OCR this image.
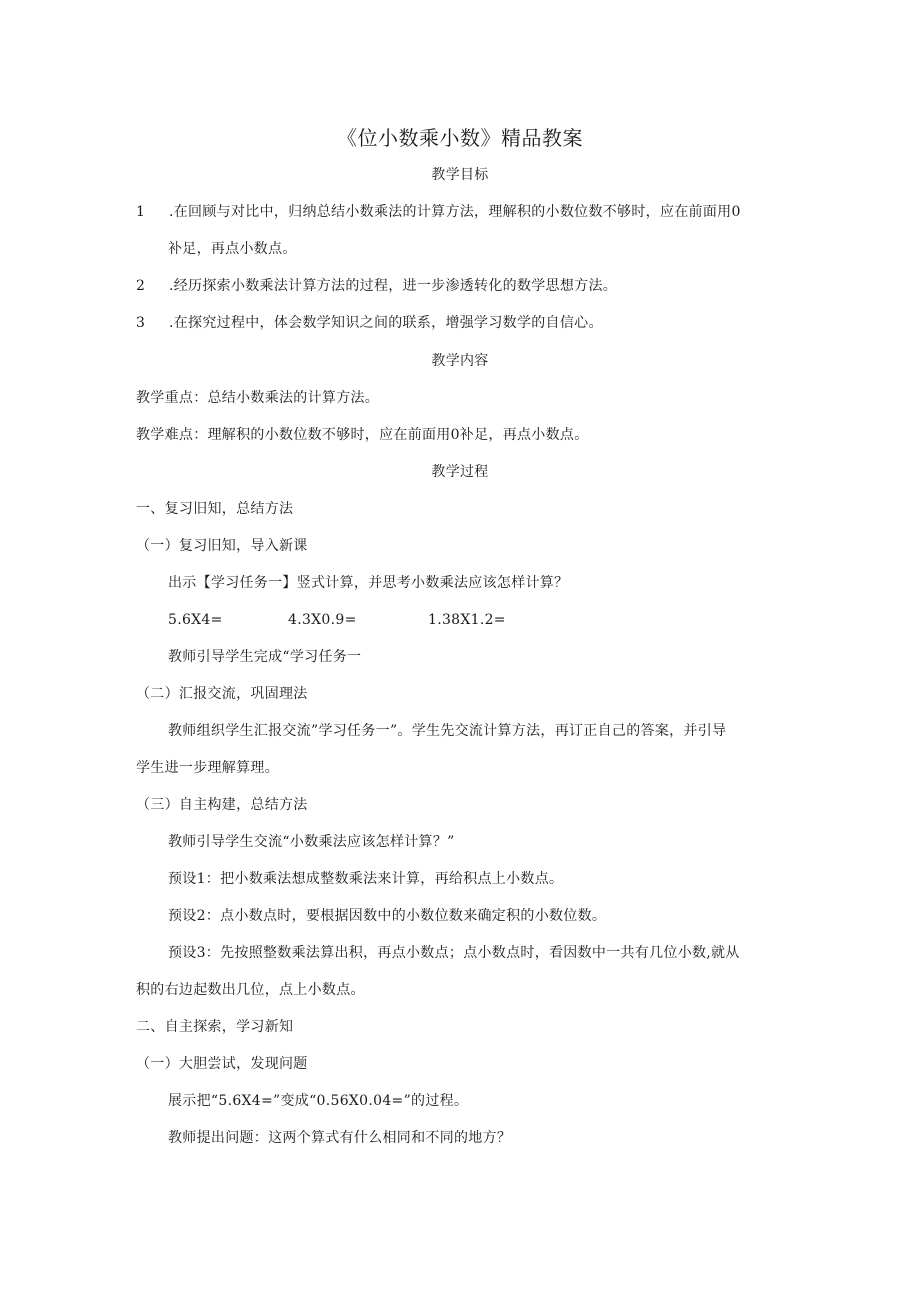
《位小数乘小数》精品教案
教学目标
1 .在回顾与对比中，归纳总结小数乘法的计算方法，理解积的小数位数不够时，应在前面用0
补足，再点小数点。
2 .经历探索小数乘法计算方法的过程，进一步渗透转化的数学思想方法。
3 .在探究过程中，体会数学知识之间的联系，增强学习数学的自信心。
教学内容
教学重点：总结小数乘法的计算方法。
教学难点：理解积的小数位数不够时，应在前面用0补足，再点小数点。
教学过程
一、复习旧知，总结方法
（一）复习旧知，导入新课
出示【学习任务一】竖式计算，并思考小数乘法应该怎样计算？
5.6X4=	4.3X0.9=	1.38X1.2=
教师引导学生完成“学习任务一
（二）汇报交流，巩固理法
教师组织学生汇报交流”学习任务一”。学生先交流计算方法，再订正自己的答案，并引导
学生进一步理解算理。
（三）自主构建，总结方法
教师引导学生交流“小数乘法应该怎样计算？”
预设1：把小数乘法想成整数乘法来计算，再给积点上小数点。
预设2：点小数点时，要根据因数中的小数位数来确定积的小数位数。
预设3：先按照整数乘法算出积，再点小数点；点小数点时，看因数中一共有几位小数,就从
积的右边起数出几位，点上小数点。
二、自主探索，学习新知
（一）大胆尝试，发现问题
展示把“5.6X4=”变成“0.56X0.04=”的过程。
教师提出问题：这两个算式有什么相同和不同的地方？
